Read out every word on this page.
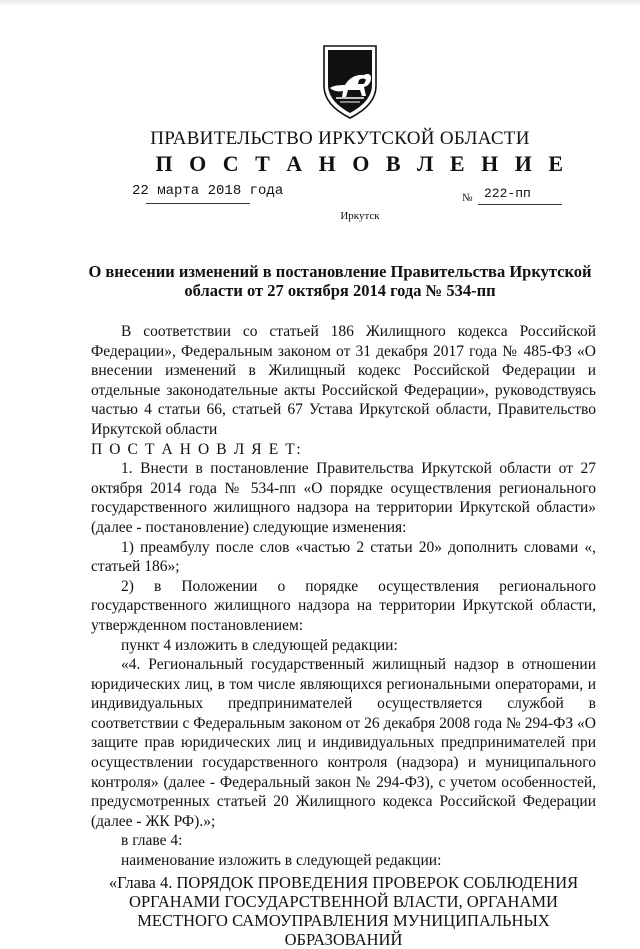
ПРАВИТЕЛЬСТВО ИРКУТСКОЙ ОБЛАСТИ
П О С Т А Н О В Л Е Н И Е
22 марта 2018 года	№ 222-пп
Иркутск
О внесении изменений в постановление Правительства Иркутской области от 27 октября 2014 года № 534-пп

В соответствии со статьей 186 Жилищного кодекса Российской Федерации», Федеральным законом от 31 декабря 2017 года № 485-ФЗ «О внесении изменений в Жилищный кодекс Российской Федерации и отдельные законодательные акты Российской Федерации», руководствуясь частью 4 статьи 66, статьей 67 Устава Иркутской области, Правительство Иркутской области

П О С Т А Н О В Л Я Е Т:

1. Внести в постановление Правительства Иркутской области от 27 октября 2014 года № 534-пп «О порядке осуществления регионального государственного жилищного надзора на территории Иркутской области» (далее - постановление) следующие изменения:

1) преамбулу после слов «частью 2 статьи 20» дополнить словами «, статьей 186»;

2) в Положении о порядке осуществления регионального государственного жилищного надзора на территории Иркутской области, утвержденном постановлением:

пункт 4 изложить в следующей редакции:

«4. Региональный государственный жилищный надзор в отношении юридических лиц, в том числе являющихся региональными операторами, и индивидуальных предпринимателей осуществляется службой в соответствии с Федеральным законом от 26 декабря 2008 года № 294-ФЗ «О защите прав юридических лиц и индивидуальных предпринимателей при осуществлении государственного контроля (надзора) и муниципального контроля» (далее - Федеральный закон № 294-ФЗ), с учетом особенностей, предусмотренных статьей 20 Жилищного кодекса Российской Федерации (далее - ЖК РФ).»;

в главе 4:

наименование изложить в следующей редакции:

«Глава 4. ПОРЯДОК ПРОВЕДЕНИЯ ПРОВЕРОК СОБЛЮДЕНИЯ ОРГАНАМИ ГОСУДАРСТВЕННОЙ ВЛАСТИ, ОРГАНАМИ МЕСТНОГО САМОУПРАВЛЕНИЯ МУНИЦИПАЛЬНЫХ ОБРАЗОВАНИЙ
